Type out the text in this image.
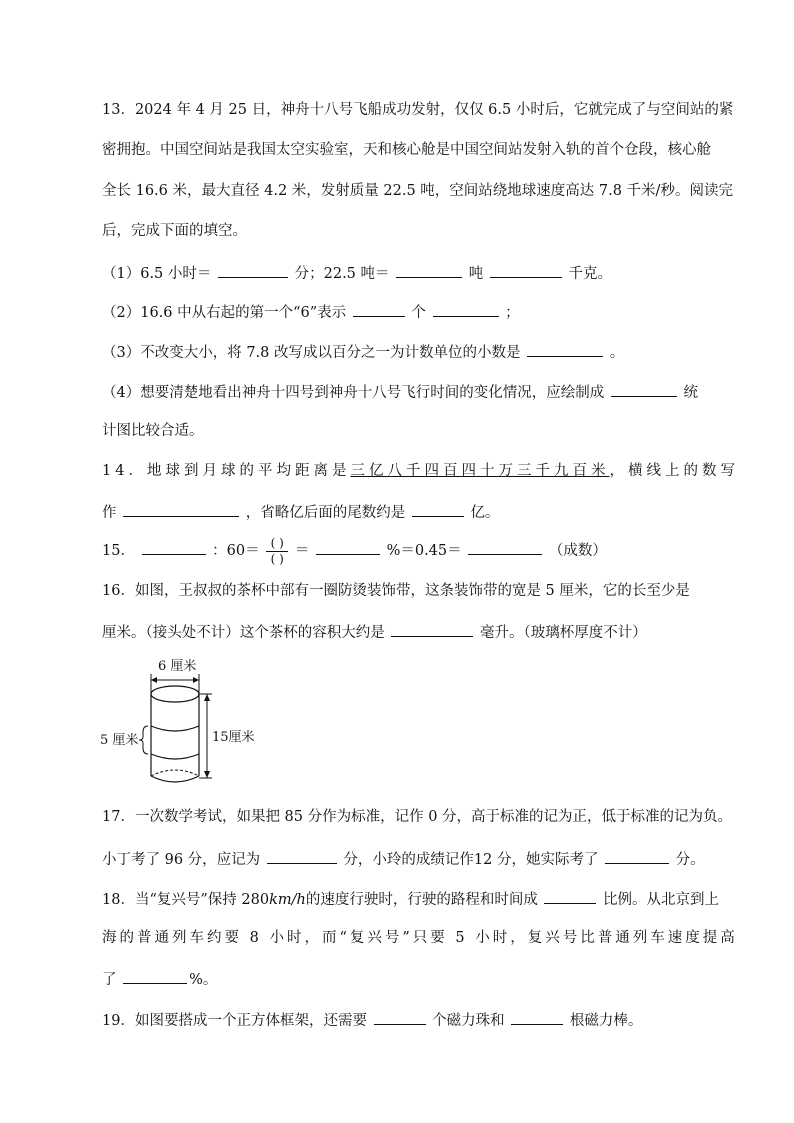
13．2024 年 4 月 25 日，神舟十八号飞船成功发射，仅仅 6.5 小时后，它就完成了与空间站的紧
密拥抱。中国空间站是我国太空实验室，天和核心舱是中国空间站发射入轨的首个仓段，核心舱
全长 16.6 米，最大直径 4.2 米，发射质量 22.5 吨，空间站绕地球速度高达 7.8 千米/秒。阅读完
后，完成下面的填空。
（1）6.5 小时＝	分；22.5 吨＝	吨	千克。
（2）16.6 中从右起的第一个“6”表示	个	；
（3）不改变大小，将 7.8 改写成以百分之一为计数单位的小数是	。
（4）想要清楚地看出神舟十四号到神舟十八号飞行时间的变化情况，应绘制成	统
计图比较合适。
14．地球到月球的平均距离是三亿八千四百四十万三千九百米，横线上的数写
作	，省略亿后面的尾数约是	亿。
15．	：$60= \frac{( )}{( )}$ ＝	%＝0.45＝	（成数）
16．如图，王叔叔的茶杯中部有一圈防烫装饰带，这条装饰带的宽是 5 厘米，它的长至少是
厘米。（接头处不计）这个茶杯的容积大约是	毫升。（玻璃杯厚度不计）
6 厘米
5 厘米	15厘米
17．一次数学考试，如果把 85 分作为标准，记作 0 分，高于标准的记为正，低于标准的记为负。
小丁考了 96 分，应记为	分，小玲的成绩记作12 分，她实际考了	分。
18．当“复兴号”保持 280km/h的速度行驶时，行驶的路程和时间成	比例。从北京到上
海的普通列车约要 8 小时，而“复兴号”只要 5 小时，复兴号比普通列车速度提高
了	%。
19．如图要搭成一个正方体框架，还需要	个磁力珠和	根磁力棒。
